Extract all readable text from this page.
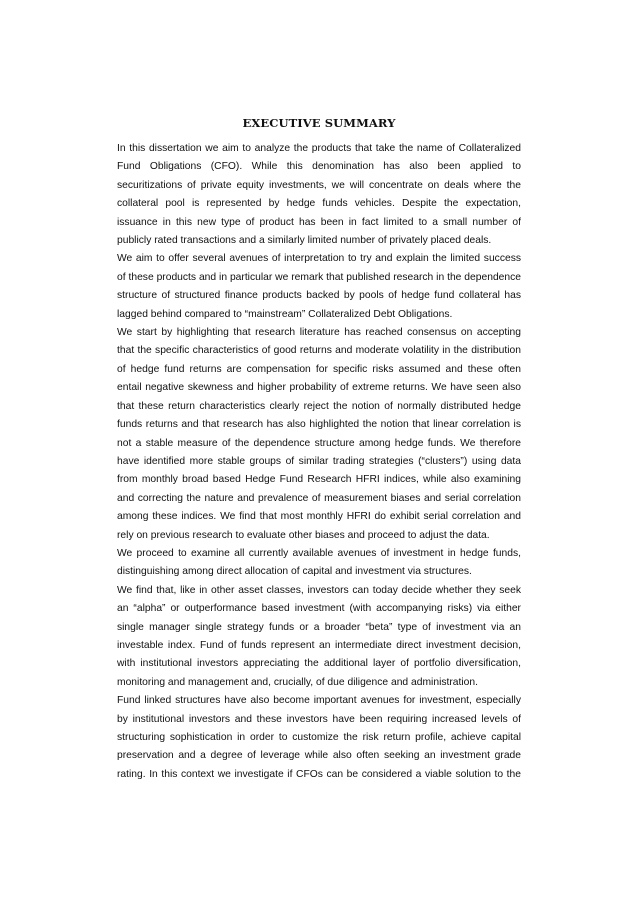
EXECUTIVE SUMMARY

In this dissertation we aim to analyze the products that take the name of Collateralized Fund Obligations (CFO). While this denomination has also been applied to securitizations of private equity investments, we will concentrate on deals where the collateral pool is represented by hedge funds vehicles. Despite the expectation, issuance in this new type of product has been in fact limited to a small number of publicly rated transactions and a similarly limited number of privately placed deals.

We aim to offer several avenues of interpretation to try and explain the limited success of these products and in particular we remark that published research in the dependence structure of structured finance products backed by pools of hedge fund collateral has lagged behind compared to “mainstream” Collateralized Debt Obligations.

We start by highlighting that research literature has reached consensus on accepting that the specific characteristics of good returns and moderate volatility in the distribution of hedge fund returns are compensation for specific risks assumed and these often entail negative skewness and higher probability of extreme returns. We have seen also that these return characteristics clearly reject the notion of normally distributed hedge funds returns and that research has also highlighted the notion that linear correlation is not a stable measure of the dependence structure among hedge funds. We therefore have identified more stable groups of similar trading strategies (“clusters”) using data from monthly broad based Hedge Fund Research HFRI indices, while also examining and correcting the nature and prevalence of measurement biases and serial correlation among these indices. We find that most monthly HFRI do exhibit serial correlation and rely on previous research to evaluate other biases and proceed to adjust the data.

We proceed to examine all currently available avenues of investment in hedge funds, distinguishing among direct allocation of capital and investment via structures.

We find that, like in other asset classes, investors can today decide whether they seek an “alpha” or outperformance based investment (with accompanying risks) via either single manager single strategy funds or a broader “beta” type of investment via an investable index. Fund of funds represent an intermediate direct investment decision, with institutional investors appreciating the additional layer of portfolio diversification, monitoring and management and, crucially, of due diligence and administration.

Fund linked structures have also become important avenues for investment, especially by institutional investors and these investors have been requiring increased levels of structuring sophistication in order to customize the risk return profile, achieve capital preservation and a degree of leverage while also often seeking an investment grade rating. In this context we investigate if CFOs can be considered a viable solution to the
